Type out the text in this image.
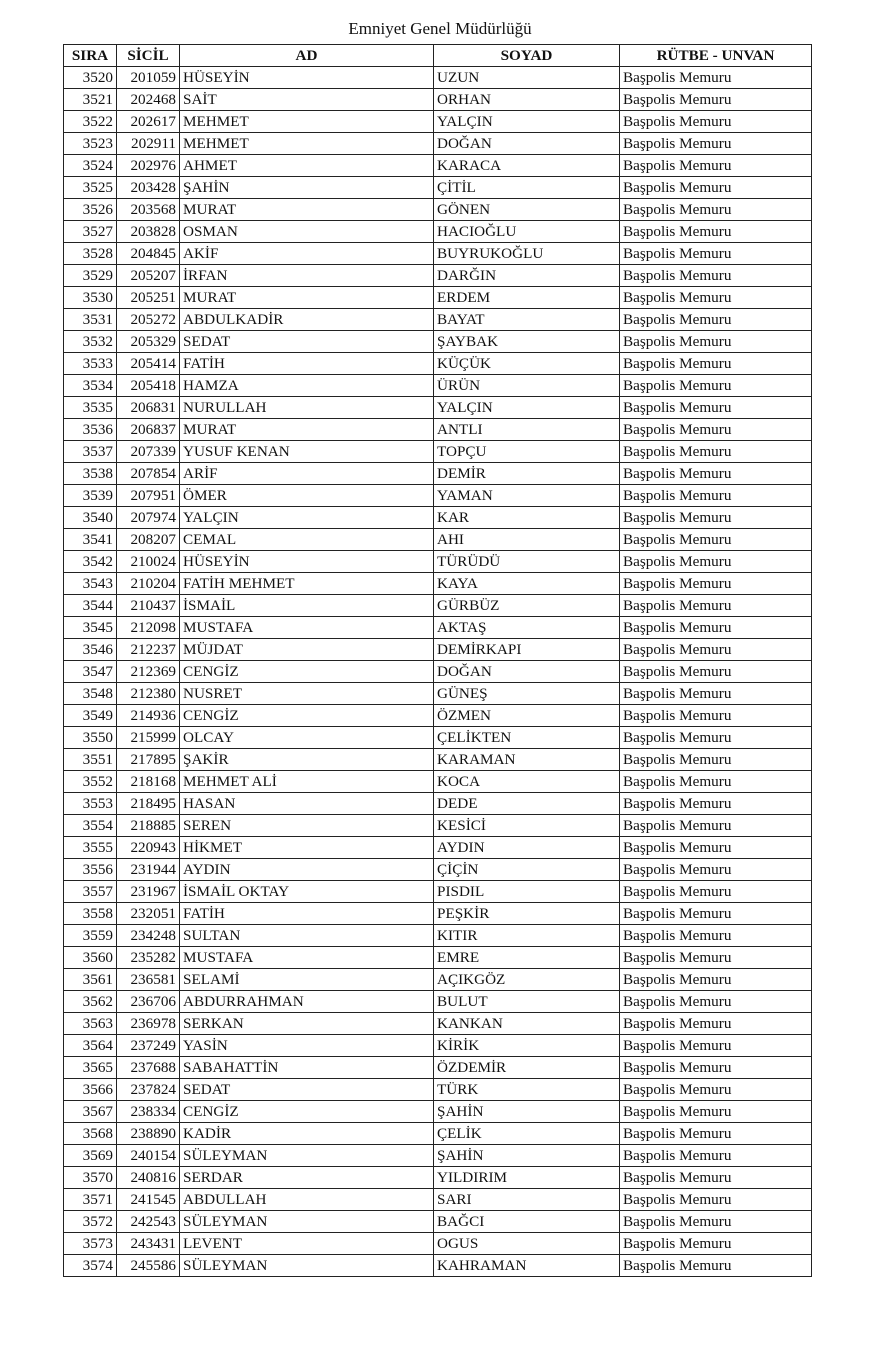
Emniyet Genel Müdürlüğü
SIRA	SİCİL	AD	SOYAD	RÜTBE - UNVAN
3520	201059	HÜSEYİN	UZUN	Başpolis Memuru
3521	202468	SAİT	ORHAN	Başpolis Memuru
3522	202617	MEHMET	YALÇIN	Başpolis Memuru
3523	202911	MEHMET	DOĞAN	Başpolis Memuru
3524	202976	AHMET	KARACA	Başpolis Memuru
3525	203428	ŞAHİN	ÇİTİL	Başpolis Memuru
3526	203568	MURAT	GÖNEN	Başpolis Memuru
3527	203828	OSMAN	HACIOĞLU	Başpolis Memuru
3528	204845	AKİF	BUYRUKOĞLU	Başpolis Memuru
3529	205207	İRFAN	DARĞIN	Başpolis Memuru
3530	205251	MURAT	ERDEM	Başpolis Memuru
3531	205272	ABDULKADİR	BAYAT	Başpolis Memuru
3532	205329	SEDAT	ŞAYBAK	Başpolis Memuru
3533	205414	FATİH	KÜÇÜK	Başpolis Memuru
3534	205418	HAMZA	ÜRÜN	Başpolis Memuru
3535	206831	NURULLAH	YALÇIN	Başpolis Memuru
3536	206837	MURAT	ANTLI	Başpolis Memuru
3537	207339	YUSUF KENAN	TOPÇU	Başpolis Memuru
3538	207854	ARİF	DEMİR	Başpolis Memuru
3539	207951	ÖMER	YAMAN	Başpolis Memuru
3540	207974	YALÇIN	KAR	Başpolis Memuru
3541	208207	CEMAL	AHI	Başpolis Memuru
3542	210024	HÜSEYİN	TÜRÜDÜ	Başpolis Memuru
3543	210204	FATİH MEHMET	KAYA	Başpolis Memuru
3544	210437	İSMAİL	GÜRBÜZ	Başpolis Memuru
3545	212098	MUSTAFA	AKTAŞ	Başpolis Memuru
3546	212237	MÜJDAT	DEMİRKAPI	Başpolis Memuru
3547	212369	CENGİZ	DOĞAN	Başpolis Memuru
3548	212380	NUSRET	GÜNEŞ	Başpolis Memuru
3549	214936	CENGİZ	ÖZMEN	Başpolis Memuru
3550	215999	OLCAY	ÇELİKTEN	Başpolis Memuru
3551	217895	ŞAKİR	KARAMAN	Başpolis Memuru
3552	218168	MEHMET ALİ	KOCA	Başpolis Memuru
3553	218495	HASAN	DEDE	Başpolis Memuru
3554	218885	SEREN	KESİCİ	Başpolis Memuru
3555	220943	HİKMET	AYDIN	Başpolis Memuru
3556	231944	AYDIN	ÇİÇİN	Başpolis Memuru
3557	231967	İSMAİL OKTAY	PISDIL	Başpolis Memuru
3558	232051	FATİH	PEŞKİR	Başpolis Memuru
3559	234248	SULTAN	KITIR	Başpolis Memuru
3560	235282	MUSTAFA	EMRE	Başpolis Memuru
3561	236581	SELAMİ	AÇIKGÖZ	Başpolis Memuru
3562	236706	ABDURRAHMAN	BULUT	Başpolis Memuru
3563	236978	SERKAN	KANKAN	Başpolis Memuru
3564	237249	YASİN	KİRİK	Başpolis Memuru
3565	237688	SABAHATTİN	ÖZDEMİR	Başpolis Memuru
3566	237824	SEDAT	TÜRK	Başpolis Memuru
3567	238334	CENGİZ	ŞAHİN	Başpolis Memuru
3568	238890	KADİR	ÇELİK	Başpolis Memuru
3569	240154	SÜLEYMAN	ŞAHİN	Başpolis Memuru
3570	240816	SERDAR	YILDIRIM	Başpolis Memuru
3571	241545	ABDULLAH	SARI	Başpolis Memuru
3572	242543	SÜLEYMAN	BAĞCI	Başpolis Memuru
3573	243431	LEVENT	OGUS	Başpolis Memuru
3574	245586	SÜLEYMAN	KAHRAMAN	Başpolis Memuru
